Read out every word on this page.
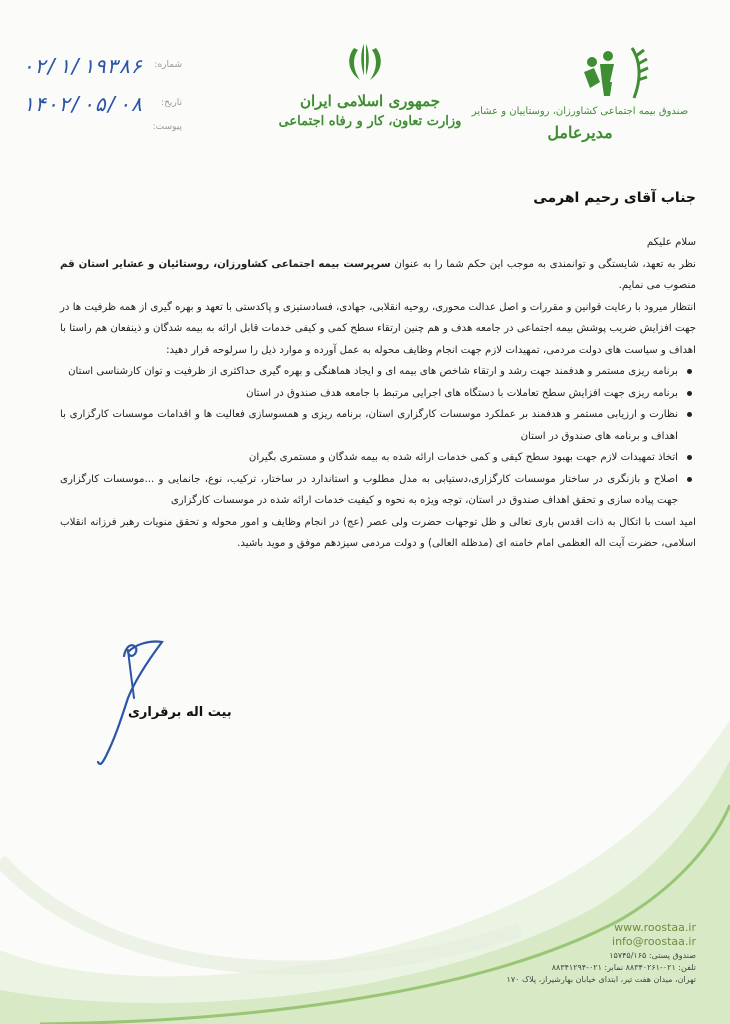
۰۲/۱/۱۹۳۸۶ شماره:
۱۴۰۲/۰۵/۰۸ تاریخ:
پیوست:
جمهوری اسلامی ایران
وزارت تعاون، کار و رفاه اجتماعی
صندوق بیمه اجتماعی کشاورزان، روستاییان و عشایر
مدیرعامل
جناب آقای رحیم اهرمی

سلام علیکم

نظر به تعهد، شایستگی و توانمندی به موجب این حکم شما را به عنوان سرپرست بیمه اجتماعی کشاورزان، روستائیان و عشایر استان قم منصوب می نمایم.

انتظار میرود با رعایت قوانین و مقررات و اصل عدالت محوری، روحیه انقلابی، جهادی، فسادستیزی و پاکدستی با تعهد و بهره گیری از همه ظرفیت ها در جهت افزایش ضریب پوشش بیمه اجتماعی در جامعه هدف و هم چنین ارتقاء سطح کمی و کیفی خدمات قابل ارائه به بیمه شدگان و ذینفعان هم راستا با اهداف و سیاست های دولت مردمی، تمهیدات لازم جهت انجام وظایف محوله به عمل آورده و موارد ذیل را سرلوحه قرار دهید:

برنامه ریزی مستمر و هدفمند جهت رشد و ارتقاء شاخص های بیمه ای و ایجاد هماهنگی و بهره گیری حداکثری از ظرفیت و توان کارشناسی استان
برنامه ریزی جهت افزایش سطح تعاملات با دستگاه های اجرایی مرتبط با جامعه هدف صندوق در استان
نظارت و ارزیابی مستمر و هدفمند بر عملکرد موسسات کارگزاری استان، برنامه ریزی و همسوسازی فعالیت ها و اقدامات موسسات کارگزاری با اهداف و برنامه های صندوق در استان
اتخاذ تمهیدات لازم جهت بهبود سطح کیفی و کمی خدمات ارائه شده به بیمه شدگان و مستمری بگیران
اصلاح و بازنگری در ساختار موسسات کارگزاری،دستیابی به مدل مطلوب و استاندارد در ساختار، ترکیب، نوع، جانمایی و ...موسسات کارگزاری جهت پیاده سازی و تحقق اهداف صندوق در استان، توجه ویژه به نحوه و کیفیت خدمات ارائه شده در موسسات کارگزاری

امید است با اتکال به ذات اقدس باری تعالی و ظل توجهات حضرت ولی عصر (عج) در انجام وظایف و امور محوله و تحقق منویات رهبر فرزانه انقلاب اسلامی، حضرت آیت اله العظمی امام خامنه ای (مدظله العالی) و دولت مردمی سیزدهم موفق و موید باشید.

بیت اله برقراری
www.roostaa.ir
info@roostaa.ir
صندوق پستی: ۱۵۷۴۵/۱۶۵
تلفن: ۰۲۱-۸۸۳۴۰۲۶۱ نمابر: ۰۲۱-۸۸۳۴۱۲۹۴
تهران، میدان هفت تیر، ابتدای خیابان بهارشیراز، پلاک ۱۷۰
